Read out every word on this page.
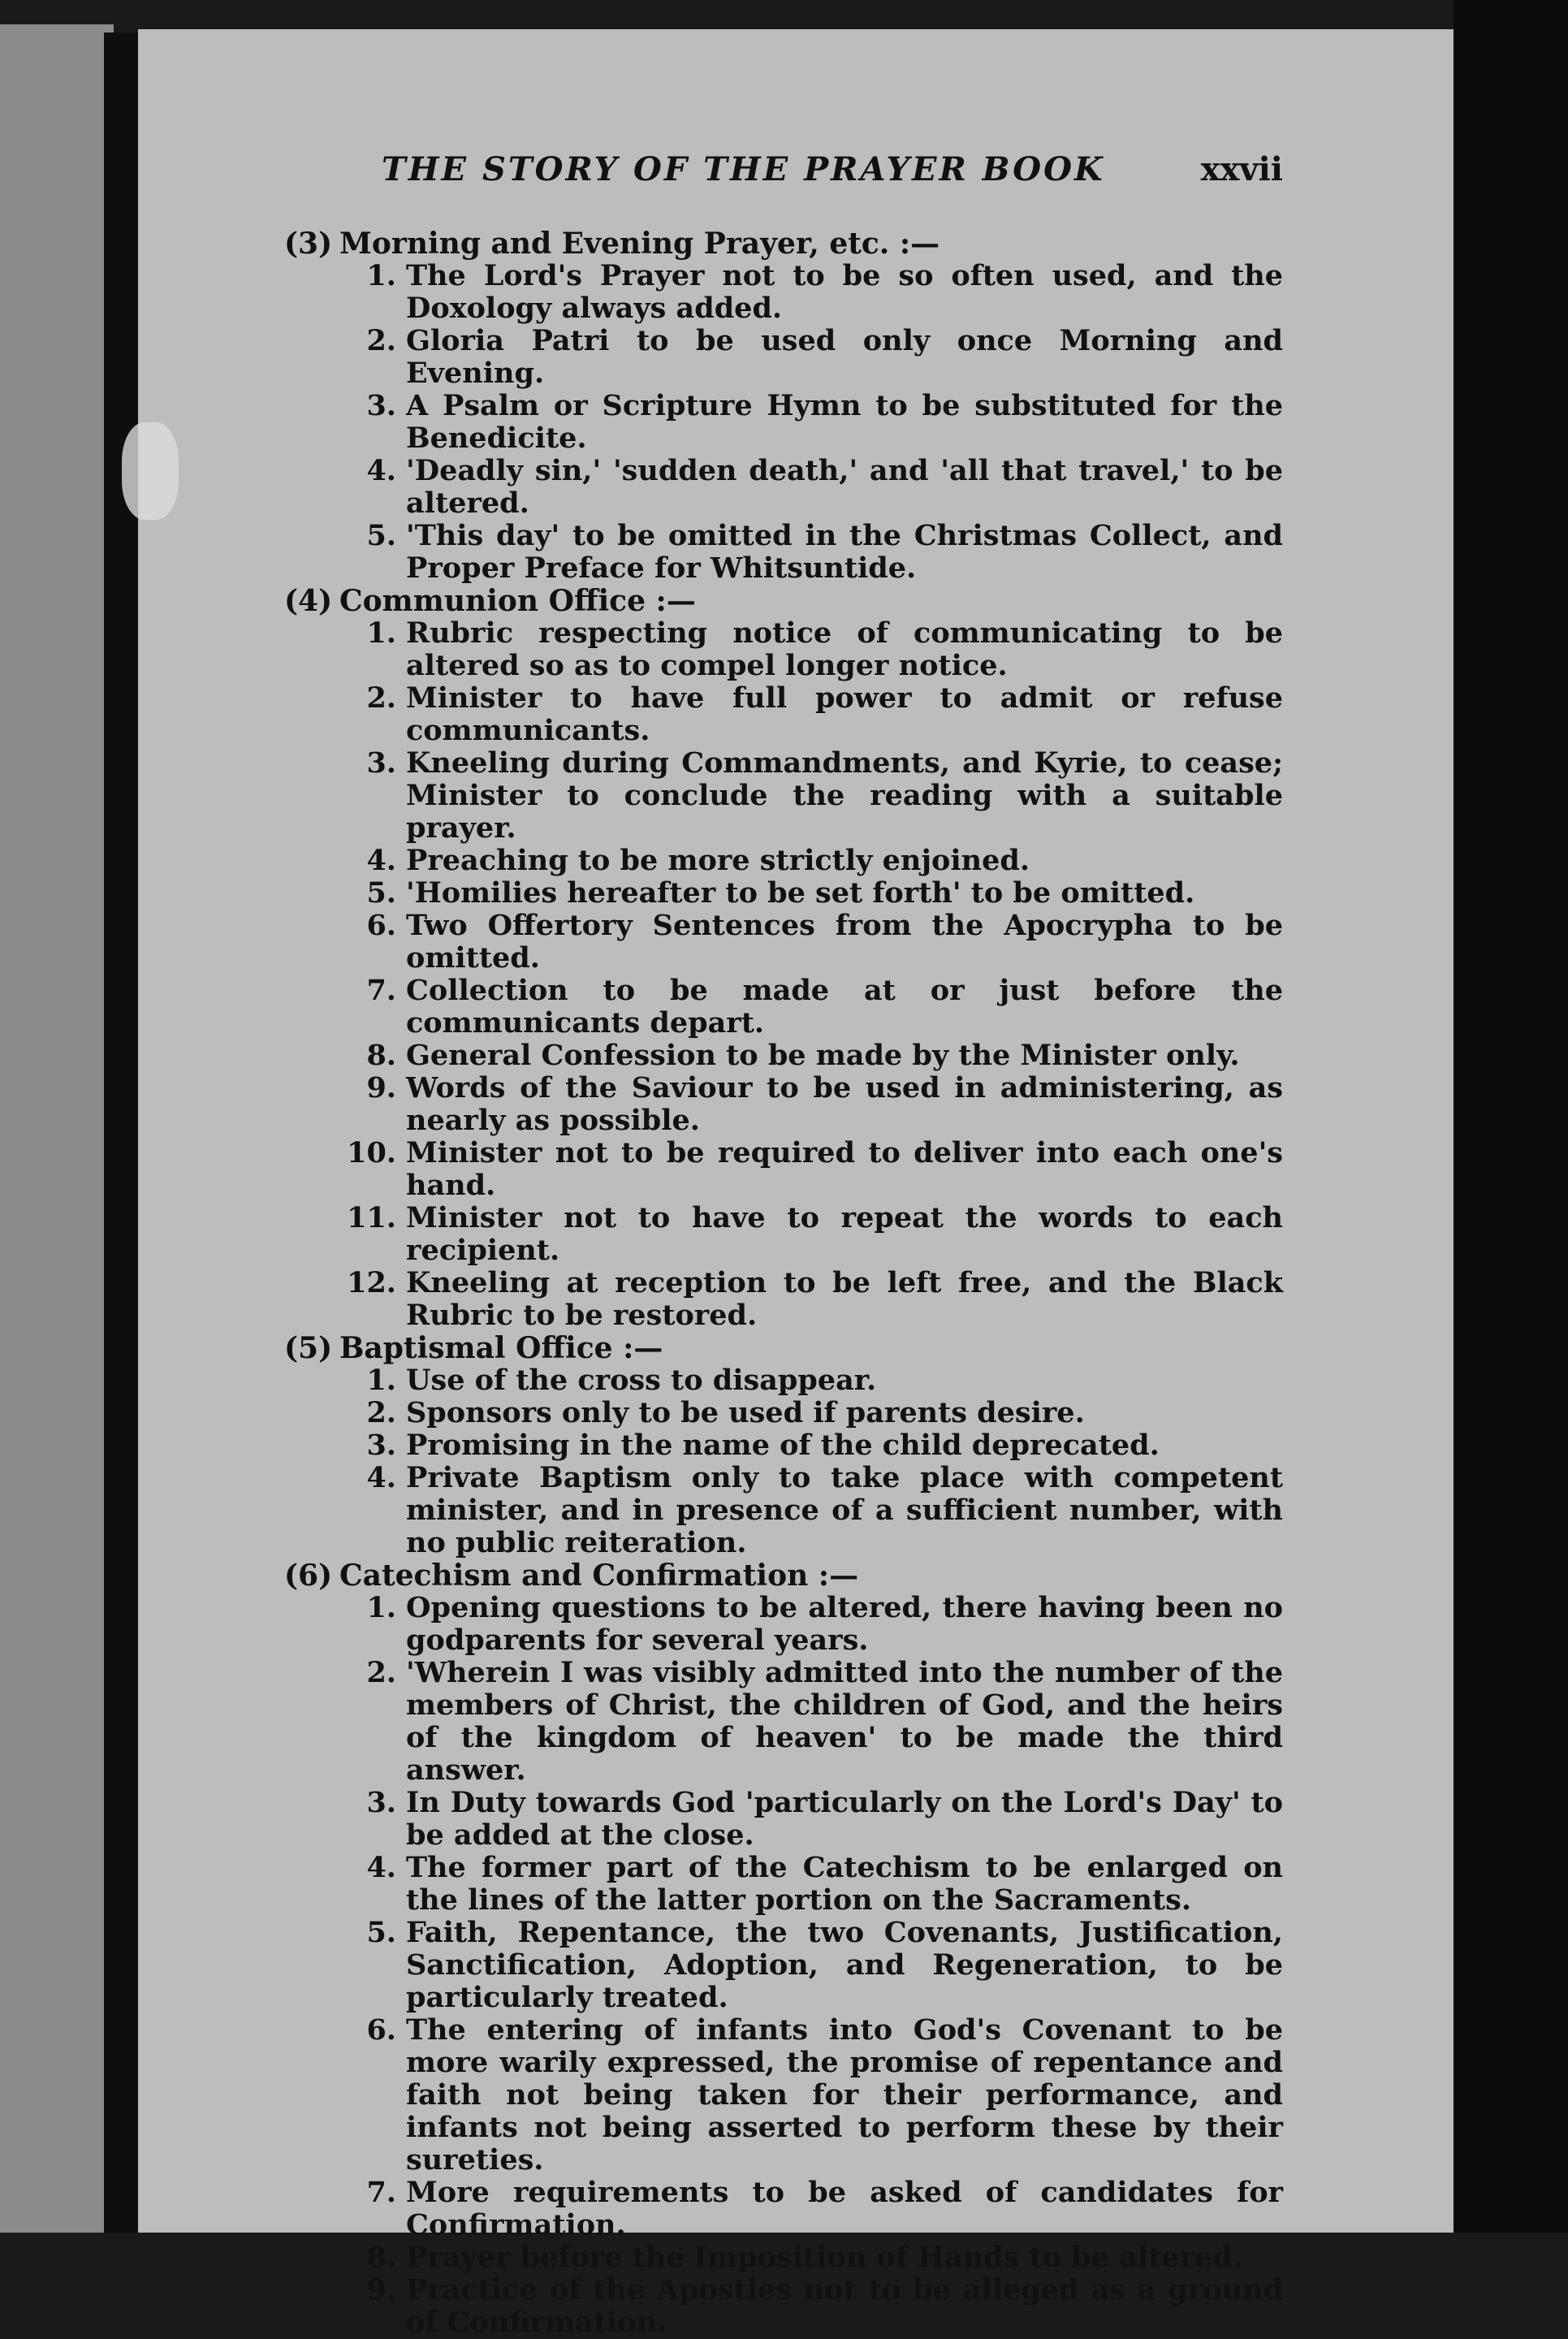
THE STORY OF THE PRAYER BOOK	xxvii

(3) Morning and Evening Prayer, etc. :—

1. The Lord's Prayer not to be so often used, and the Doxology always added.

2. Gloria Patri to be used only once Morning and Evening.

3. A Psalm or Scripture Hymn to be substituted for the Benedicite.

4. 'Deadly sin,' 'sudden death,' and 'all that travel,' to be altered.

5. 'This day' to be omitted in the Christmas Collect, and Proper Preface for Whitsuntide.

(4) Communion Office :—

1. Rubric respecting notice of communicating to be altered so as to compel longer notice.

2. Minister to have full power to admit or refuse communicants.

3. Kneeling during Commandments, and Kyrie, to cease; Minister to conclude the reading with a suitable prayer.

4. Preaching to be more strictly enjoined.

5. 'Homilies hereafter to be set forth' to be omitted.

6. Two Offertory Sentences from the Apocrypha to be omitted.

7. Collection to be made at or just before the communicants depart.

8. General Confession to be made by the Minister only.

9. Words of the Saviour to be used in administering, as nearly as possible.

10. Minister not to be required to deliver into each one's hand.

11. Minister not to have to repeat the words to each recipient.

12. Kneeling at reception to be left free, and the Black Rubric to be restored.

(5) Baptismal Office :—

1. Use of the cross to disappear.

2. Sponsors only to be used if parents desire.

3. Promising in the name of the child deprecated.

4. Private Baptism only to take place with competent minister, and in presence of a sufficient number, with no public reiteration.

(6) Catechism and Confirmation :—

1. Opening questions to be altered, there having been no godparents for several years.

2. 'Wherein I was visibly admitted into the number of the members of Christ, the children of God, and the heirs of the kingdom of heaven' to be made the third answer.

3. In Duty towards God 'particularly on the Lord's Day' to be added at the close.

4. The former part of the Catechism to be enlarged on the lines of the latter portion on the Sacraments.

5. Faith, Repentance, the two Covenants, Justification, Sanctification, Adoption, and Regeneration, to be particularly treated.

6. The entering of infants into God's Covenant to be more warily expressed, the promise of repentance and faith not being taken for their performance, and infants not being asserted to perform these by their sureties.

7. More requirements to be asked of candidates for Confirmation.

8. Prayer before the Imposition of Hands to be altered.

9. Practice of the Apostles not to be alleged as a ground of Confirmation.
